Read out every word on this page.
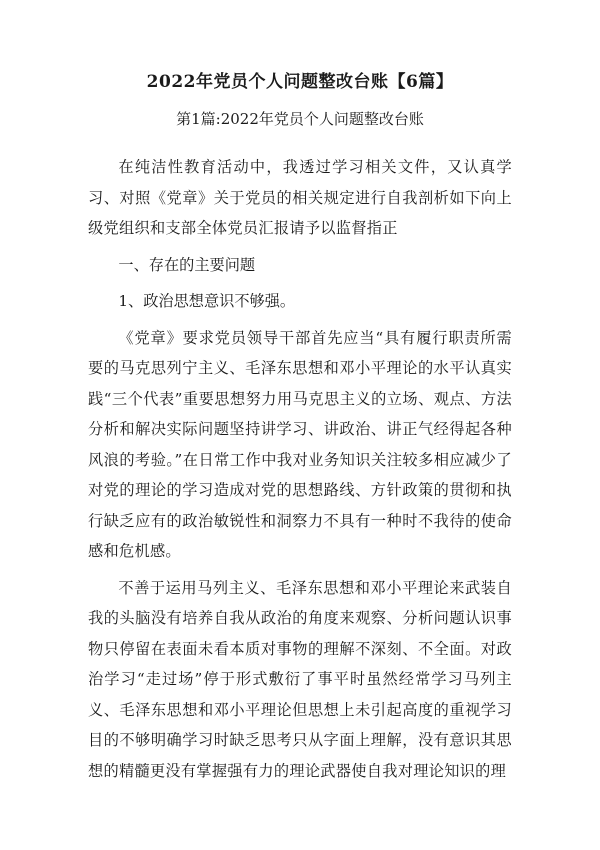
2022年党员个人问题整改台账【6篇】
第1篇:2022年党员个人问题整改台账

在纯洁性教育活动中，我透过学习相关文件，又认真学习、对照《党章》关于党员的相关规定进行自我剖析如下向上级党组织和支部全体党员汇报请予以监督指正

一、存在的主要问题

1、政治思想意识不够强。

《党章》要求党员领导干部首先应当“具有履行职责所需要的马克思列宁主义、毛泽东思想和邓小平理论的水平认真实践“三个代表”重要思想努力用马克思主义的立场、观点、方法分析和解决实际问题坚持讲学习、讲政治、讲正气经得起各种风浪的考验。”在日常工作中我对业务知识关注较多相应减少了对党的理论的学习造成对党的思想路线、方针政策的贯彻和执行缺乏应有的政治敏锐性和洞察力不具有一种时不我待的使命感和危机感。

不善于运用马列主义、毛泽东思想和邓小平理论来武装自我的头脑没有培养自我从政治的角度来观察、分析问题认识事物只停留在表面未看本质对事物的理解不深刻、不全面。对政治学习“走过场”停于形式敷衍了事平时虽然经常学习马列主义、毛泽东思想和邓小平理论但思想上未引起高度的重视学习目的不够明确学习时缺乏思考只从字面上理解，没有意识其思想的精髓更没有掌握强有力的理论武器使自我对理论知识的理
